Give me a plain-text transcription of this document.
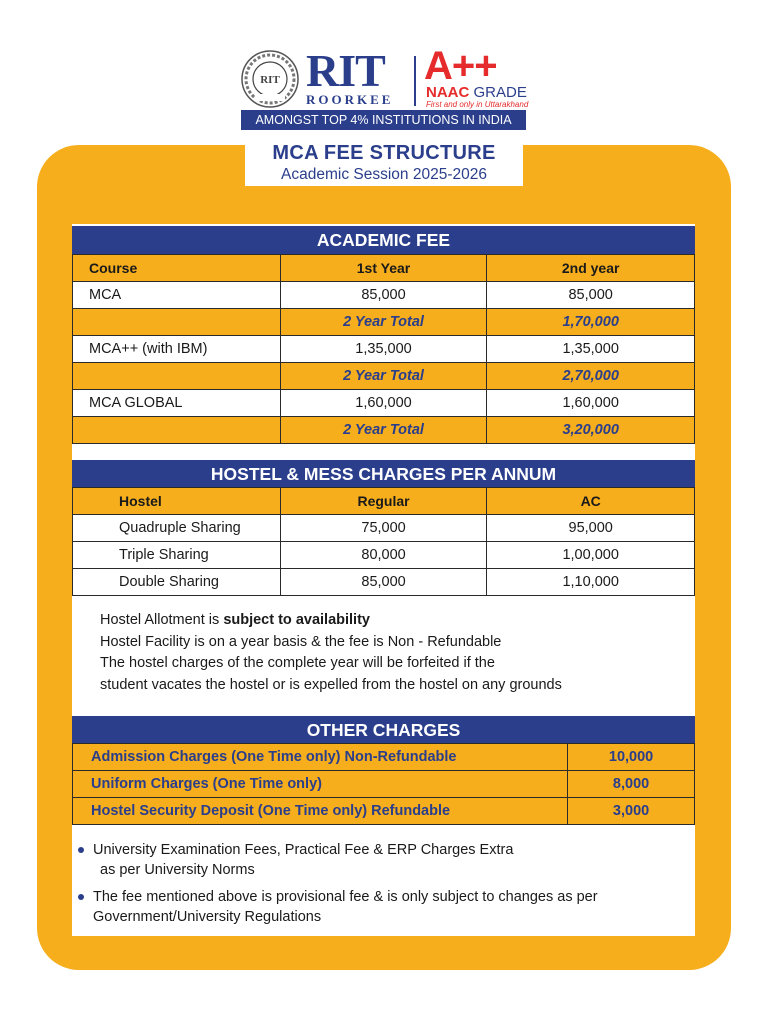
RIT RIT
ROORKEE
A++
NAAC GRADE
First and only in Uttarakhand
AMONGST TOP 4% INSTITUTIONS IN INDIA
MCA FEE STRUCTURE
Academic Session 2025-2026
ACADEMIC FEE
Course	1st Year	2nd year
MCA	85,000	85,000
	2 Year Total	1,70,000
MCA++ (with IBM)	1,35,000	1,35,000
	2 Year Total	2,70,000
MCA GLOBAL	1,60,000	1,60,000
	2 Year Total	3,20,000
HOSTEL & MESS CHARGES PER ANNUM
Hostel	Regular	AC
Quadruple Sharing	75,000	95,000
Triple Sharing	80,000	1,00,000
Double Sharing	85,000	1,10,000
Hostel Allotment is subject to availability
Hostel Facility is on a year basis & the fee is Non - Refundable
The hostel charges of the complete year will be forfeited if the
student vacates the hostel or is expelled from the hostel on any grounds
OTHER CHARGES
Admission Charges (One Time only) Non-Refundable	10,000
Uniform Charges (One Time only)	8,000
Hostel Security Deposit (One Time only) Refundable	3,000
University Examination Fees, Practical Fee & ERP Charges Extra
as per University Norms
The fee mentioned above is provisional fee & is only subject to changes as per
Government/University Regulations
